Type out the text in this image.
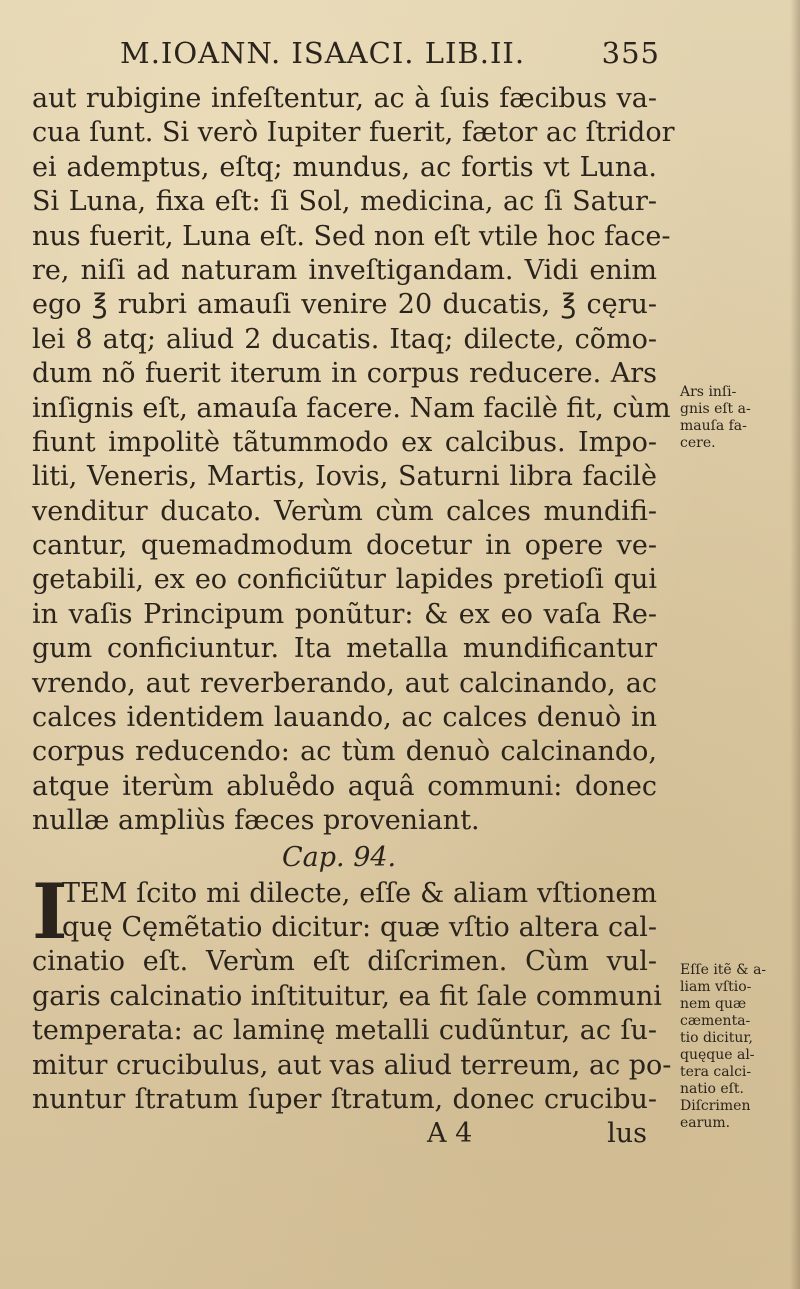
M.IOANN. ISAACI. LIB.II.	355
aut rubigine infeſtentur, ac à ſuis fæcibus va-
cua ſunt. Si verò Iupiter fuerit, fætor ac ſtridor
ei ademptus, eſtq; mundus, ac fortis vt Luna.
Si Luna, fixa eſt: ſi Sol, medicina, ac ſi Satur-
nus fuerit, Luna eſt. Sed non eſt vtile hoc face-
re, niſi ad naturam inveſtigandam. Vidi enim
ego ℥ rubri amauſi venire 20 ducatis, ℥ cęru-
lei 8 atq; aliud 2 ducatis. Itaq; dilecte, cõmo-
dum nõ fuerit iterum in corpus reducere. Ars
inſignis eſt, amauſa facere. Nam facilè fit, cùm
fiunt impolitè tãtummodo ex calcibus. Impo-
liti, Veneris, Martis, Iovis, Saturni libra facilè
venditur ducato. Verùm cùm calces mundifi-
cantur, quemadmodum docetur in opere ve-
getabili, ex eo conficiũtur lapides pretioſi qui
in vaſis Principum ponũtur: & ex eo vaſa Re-
gum conficiuntur. Ita metalla mundificantur
vrendo, aut reverberando, aut calcinando, ac
calces identidem lauando, ac calces denuò in
corpus reducendo: ac tùm denuò calcinando,
atque iterùm ablue̊do aquâ communi: donec
nullæ ampliùs fæces proveniant.
Cap. 94.
I
TEM ſcito mi dilecte, eſſe & aliam vſtionem
quę Cęmẽtatio dicitur: quæ vſtio altera cal-
cinatio eſt. Verùm eſt diſcrimen. Cùm vul-
garis calcinatio inſtituitur, ea fit ſale communi
temperata: ac laminę metalli cudũntur, ac ſu-
mitur crucibulus, aut vas aliud terreum, ac po-
nuntur ſtratum ſuper ſtratum, donec crucibu-
A 4	lus
Ars inſi-
gnis eſt a-
mauſa fa-
cere.
Eſſe itẽ & a-
liam vſtio-
nem quæ
cæmenta-
tio dicitur,
quęque al-
tera calci-
natio eſt.
Diſcrimen
earum.
